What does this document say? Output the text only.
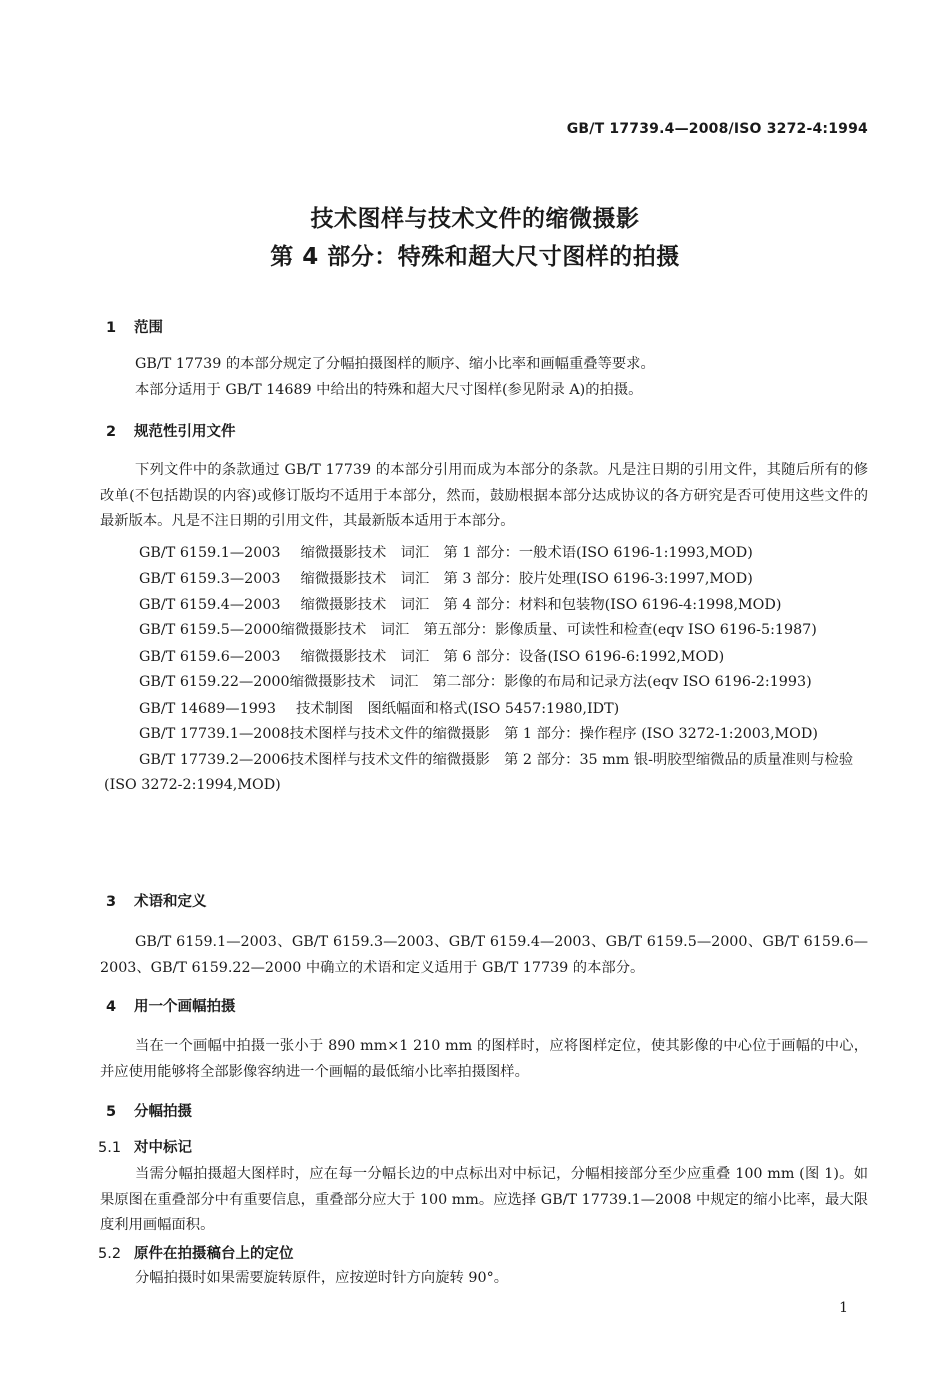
GB/T 17739.4—2008/ISO 3272-4:1994
技术图样与技术文件的缩微摄影
第 4 部分：特殊和超大尺寸图样的拍摄
1 范围

GB/T 17739 的本部分规定了分幅拍摄图样的顺序、缩小比率和画幅重叠等要求。

本部分适用于 GB/T 14689 中给出的特殊和超大尺寸图样(参见附录 A)的拍摄。

2 规范性引用文件

下列文件中的条款通过 GB/T 17739 的本部分引用而成为本部分的条款。凡是注日期的引用文件，其随后所有的修改单(不包括勘误的内容)或修订版均不适用于本部分，然而，鼓励根据本部分达成协议的各方研究是否可使用这些文件的最新版本。凡是不注日期的引用文件，其最新版本适用于本部分。

GB/T 6159.1—2003 缩微摄影技术　词汇　第 1 部分：一般术语(ISO 6196-1:1993,MOD)
GB/T 6159.3—2003 缩微摄影技术　词汇　第 3 部分：胶片处理(ISO 6196-3:1997,MOD)
GB/T 6159.4—2003 缩微摄影技术　词汇　第 4 部分：材料和包装物(ISO 6196-4:1998,MOD)
GB/T 6159.5—2000缩微摄影技术　词汇　第五部分：影像质量、可读性和检查(eqv ISO 6196-5:1987)
GB/T 6159.6—2003 缩微摄影技术　词汇　第 6 部分：设备(ISO 6196-6:1992,MOD)
GB/T 6159.22—2000缩微摄影技术　词汇　第二部分：影像的布局和记录方法(eqv ISO 6196-2:1993)
GB/T 14689—1993 技术制图　图纸幅面和格式(ISO 5457:1980,IDT)
GB/T 17739.1—2008技术图样与技术文件的缩微摄影　第 1 部分：操作程序 (ISO 3272-1:2003,MOD)
GB/T 17739.2—2006技术图样与技术文件的缩微摄影　第 2 部分：35 mm 银-明胶型缩微品的质量准则与检验(ISO 3272-2:1994,MOD)
3 术语和定义

GB/T 6159.1—2003、GB/T 6159.3—2003、GB/T 6159.4—2003、GB/T 6159.5—2000、GB/T 6159.6—2003、GB/T 6159.22—2000 中确立的术语和定义适用于 GB/T 17739 的本部分。

4 用一个画幅拍摄

当在一个画幅中拍摄一张小于 890 mm×1 210 mm 的图样时，应将图样定位，使其影像的中心位于画幅的中心，并应使用能够将全部影像容纳进一个画幅的最低缩小比率拍摄图样。

5 分幅拍摄
5.1 对中标记

当需分幅拍摄超大图样时，应在每一分幅长边的中点标出对中标记，分幅相接部分至少应重叠 100 mm (图 1)。如果原图在重叠部分中有重要信息，重叠部分应大于 100 mm。应选择 GB/T 17739.1—2008 中规定的缩小比率，最大限度利用画幅面积。

5.2 原件在拍摄稿台上的定位

分幅拍摄时如果需要旋转原件，应按逆时针方向旋转 90°。

1
